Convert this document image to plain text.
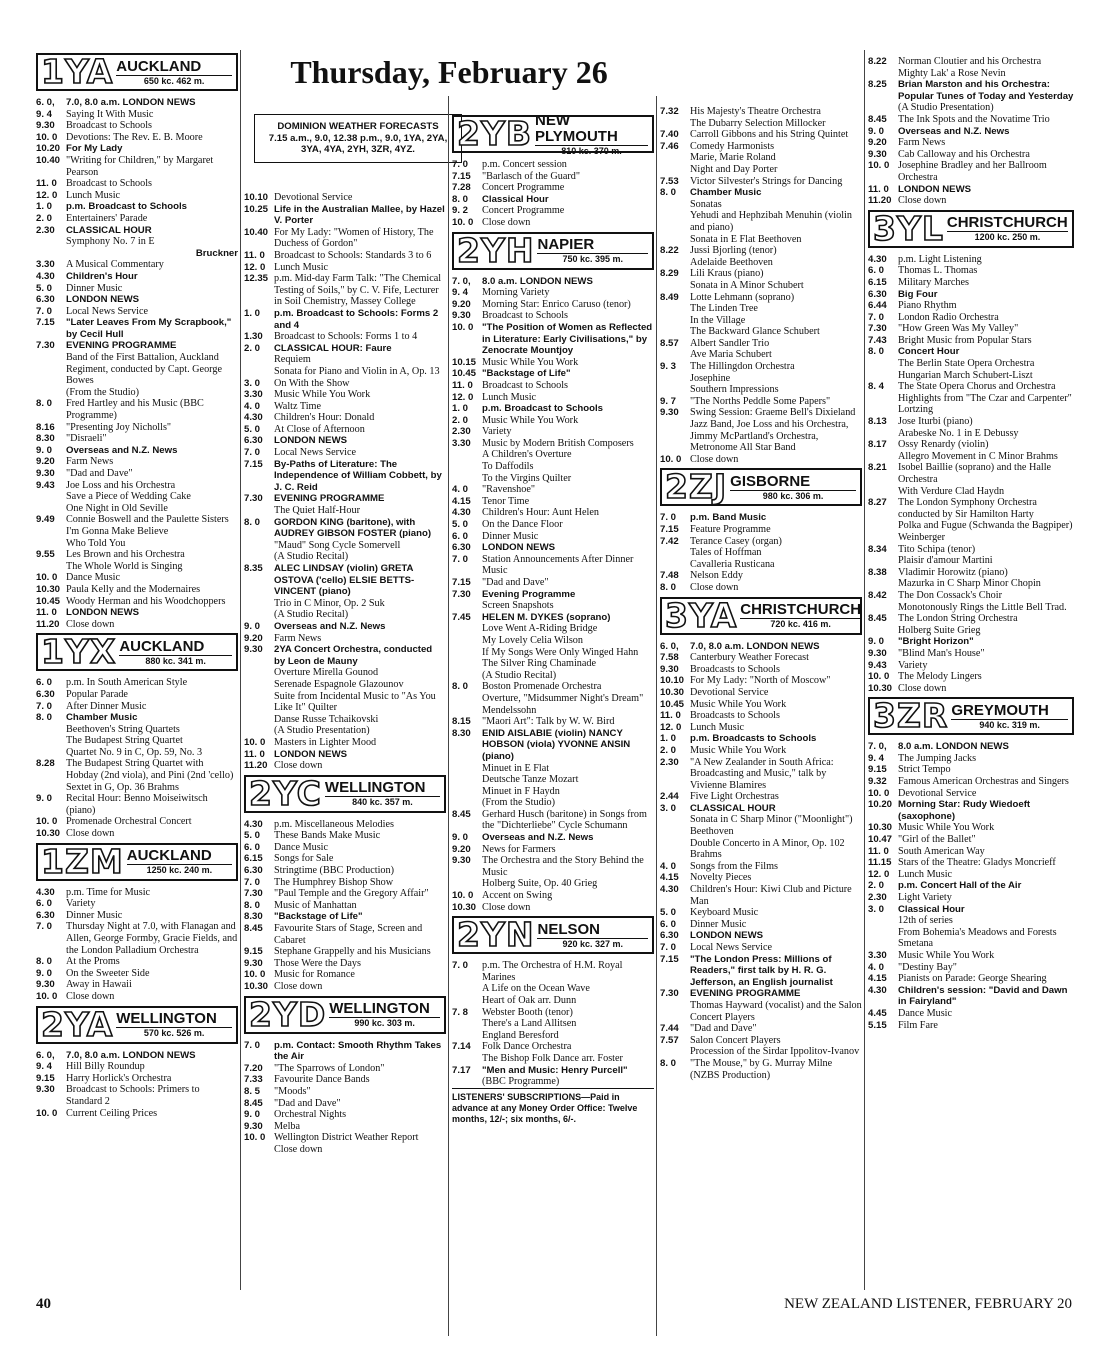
Thursday, February 26
DOMINION WEATHER FORECASTS
7.15 a.m., 9.0, 12.38 p.m., 9.0, 1YA, 2YA, 3YA, 4YA, 2YH, 3ZR, 4YZ.
1YA AUCKLAND
650 kc. 462 m.
6. 0,	7.0, 8.0 a.m. LONDON NEWS
9. 4	Saying It With Music
9.30	Broadcast to Schools
10. 0 Devotions: The Rev. E. B. Moore
10.20 For My Lady
10.40 "Writing for Children," by Margaret Pearson
11. 0 Broadcast to Schools
12. 0 Lunch Music
1. 0	p.m. Broadcast to Schools
2. 0	Entertainers' Parade
2.30	CLASSICAL HOUR
Symphony No. 7 in E
Bruckner
3.30	A Musical Commentary
4.30	Children's Hour
5. 0	Dinner Music
6.30	LONDON NEWS
7. 0	Local News Service
7.15	"Later Leaves From My Scrapbook," by Cecil Hull
7.30	EVENING PROGRAMME
Band of the First Battalion, Auckland Regiment, conducted by Capt. George Bowes
(From the Studio)
8. 0	Fred Hartley and his Music (BBC Programme)
8.16	"Presenting Joy Nicholls"
8.30	"Disraeli"
9. 0	Overseas and N.Z. News
9.20	Farm News
9.30	"Dad and Dave"
9.43	Joe Loss and his Orchestra
Save a Piece of Wedding Cake
One Night in Old Seville
9.49	Connie Boswell and the Paulette Sisters
I'm Gonna Make Believe
Who Told You
9.55	Les Brown and his Orchestra
The Whole World is Singing
10. 0 Dance Music
10.30 Paula Kelly and the Modernaires
10.45 Woody Herman and his Woodchoppers
11. 0 LONDON NEWS
11.20 Close down
1YX AUCKLAND
880 kc. 341 m.
6. 0	p.m. In South American Style
6.30	Popular Parade
7. 0	After Dinner Music
8. 0	Chamber Music
Beethoven's String Quartets
The Budapest String Quartet
Quartet No. 9 in C, Op. 59, No. 3
8.28	The Budapest String Quartet with Hobday (2nd viola), and Pini (2nd 'cello)
Sextet in G, Op. 36 Brahms
9. 0	Recital Hour: Benno Moiseiwitsch (piano)
10. 0 Promenade Orchestral Concert
10.30 Close down
1ZM AUCKLAND
1250 kc. 240 m.
4.30	p.m. Time for Music
6. 0	Variety
6.30	Dinner Music
7. 0	Thursday Night at 7.0, with Flanagan and Allen, George Formby, Gracie Fields, and the London Palladium Orchestra
8. 0	At the Proms
9. 0	On the Sweeter Side
9.30	Away in Hawaii
10. 0 Close down
2YA WELLINGTON
570 kc. 526 m.
6. 0,	7.0, 8.0 a.m. LONDON NEWS
9. 4	Hill Billy Roundup
9.15	Harry Horlick's Orchestra
9.30	Broadcast to Schools: Primers to Standard 2
10. 0 Current Ceiling Prices
10.10 Devotional Service
10.25 Life in the Australian Mallee, by Hazel V. Porter
10.40 For My Lady: "Women of History, The Duchess of Gordon"
11. 0 Broadcast to Schools: Standards 3 to 6
12. 0 Lunch Music
12.35 p.m. Mid-day Farm Talk: "The Chemical Testing of Soils," by C. V. Fife, Lecturer in Soil Chemistry, Massey College
1. 0	p.m. Broadcast to Schools: Forms 2 and 4
1.30	Broadcast to Schools: Forms 1 to 4
2. 0	CLASSICAL HOUR: Faure
Requiem
Sonata for Piano and Violin in A, Op. 13
3. 0	On With the Show
3.30	Music While You Work
4. 0	Waltz Time
4.30	Children's Hour: Donald
5. 0	At Close of Afternoon
6.30	LONDON NEWS
7. 0	Local News Service
7.15	By-Paths of Literature: The Independence of William Cobbett, by J. C. Reid
7.30	EVENING PROGRAMME
The Quiet Half-Hour
8. 0	GORDON KING (baritone), with AUDREY GIBSON FOSTER (piano)
"Maud" Song Cycle Somervell
(A Studio Recital)
8.35	ALEC LINDSAY (violin) GRETA OSTOVA ('cello) ELSIE BETTS-VINCENT (piano)
Trio in C Minor, Op. 2 Suk
(A Studio Recital)
9. 0	Overseas and N.Z. News
9.20	Farm News
9.30	2YA Concert Orchestra, conducted by Leon de Mauny
Overture Mirella Gounod
Serenade Espagnole Glazounov
Suite from Incidental Music to "As You Like It" Quilter
Danse Russe Tchaikovski
(A Studio Presentation)
10. 0 Masters in Lighter Mood
11. 0 LONDON NEWS
11.20 Close down
2YC WELLINGTON
840 kc. 357 m.
4.30	p.m. Miscellaneous Melodies
5. 0	These Bands Make Music
6. 0	Dance Music
6.15	Songs for Sale
6.30	Stringtime (BBC Production)
7. 0	The Humphrey Bishop Show
7.30	"Paul Temple and the Gregory Affair"
8. 0	Music of Manhattan
8.30	"Backstage of Life"
8.45	Favourite Stars of Stage, Screen and Cabaret
9.15	Stephane Grappelly and his Musicians
9.30	Those Were the Days
10. 0 Music for Romance
10.30 Close down
2YD WELLINGTON
990 kc. 303 m.
7. 0	p.m. Contact: Smooth Rhythm Takes the Air
7.20	"The Sparrows of London"
7.33	Favourite Dance Bands
8. 5	"Moods"
8.45	"Dad and Dave"
9. 0	Orchestral Nights
9.30	Melba
10. 0 Wellington District Weather Report
Close down
2YB NEW PLYMOUTH
810 kc. 370 m.
7. 0	p.m. Concert session
7.15	"Barlasch of the Guard"
7.28	Concert Programme
8. 0	Classical Hour
9. 2	Concert Programme
10. 0 Close down
2YH NAPIER
750 kc. 395 m.
7. 0,	8.0 a.m. LONDON NEWS
9. 4	Morning Variety
9.20	Morning Star: Enrico Caruso (tenor)
9.30	Broadcast to Schools
10. 0 "The Position of Women as Reflected in Literature: Early Civilisations," by Zenocrate Mountjoy
10.15 Music While You Work
10.45 "Backstage of Life"
11. 0 Broadcast to Schools
12. 0 Lunch Music
1. 0	p.m. Broadcast to Schools
2. 0	Music While You Work
2.30	Variety
3.30	Music by Modern British Composers
A Children's Overture
To Daffodils
To the Virgins Quilter
4. 0	"Ravenshoe"
4.15	Tenor Time
4.30	Children's Hour: Aunt Helen
5. 0	On the Dance Floor
6. 0	Dinner Music
6.30	LONDON NEWS
7. 0	Station Announcements After Dinner Music
7.15	"Dad and Dave"
7.30	Evening Programme
Screen Snapshots
7.45	HELEN M. DYKES (soprano)
Love Went A-Riding Bridge
My Lovely Celia Wilson
If My Songs Were Only Winged Hahn
The Silver Ring Chaminade
(A Studio Recital)
8. 0	Boston Promenade Orchestra
Overture, "Midsummer Night's Dream" Mendelssohn
8.15	"Maori Art": Talk by W. W. Bird
8.30	ENID AISLABIE (violin) NANCY HOBSON (viola) YVONNE ANSIN (piano)
Minuet in E Flat
Deutsche Tanze Mozart
Minuet in F Haydn
(From the Studio)
8.45	Gerhard Husch (baritone) in Songs from the "Dichterliebe" Cycle Schumann
9. 0	Overseas and N.Z. News
9.20	News for Farmers
9.30	The Orchestra and the Story Behind the Music
Holberg Suite, Op. 40 Grieg
10. 0 Accent on Swing
10.30 Close down
2YN NELSON
920 kc. 327 m.
7. 0	p.m. The Orchestra of H.M. Royal Marines
A Life on the Ocean Wave
Heart of Oak arr. Dunn
7. 8	Webster Booth (tenor)
There's a Land Allitsen
England Beresford
7.14	Folk Dance Orchestra
The Bishop Folk Dance arr. Foster
7.17	"Men and Music: Henry Purcell"
(BBC Programme)
LISTENERS' SUBSCRIPTIONS—Paid in advance at any Money Order Office: Twelve months, 12/-; six months, 6/-.
7.32	His Majesty's Theatre Orchestra
The Dubarry Selection Millocker
7.40	Carroll Gibbons and his String Quintet
7.46	Comedy Harmonists
Marie, Marie Roland
Night and Day Porter
7.53	Victor Silvester's Strings for Dancing
8. 0	Chamber Music
Sonatas
Yehudi and Hephzibah Menuhin (violin and piano)
Sonata in E Flat Beethoven
8.22	Jussi Bjorling (tenor)
Adelaide Beethoven
8.29	Lili Kraus (piano)
Sonata in A Minor Schubert
8.49	Lotte Lehmann (soprano)
The Linden Tree
In the Village
The Backward Glance Schubert
8.57	Albert Sandler Trio
Ave Maria Schubert
9. 3	The Hillingdon Orchestra
Josephine
Southern Impressions
9. 7	"The Norths Peddle Some Papers"
9.30	Swing Session: Graeme Bell's Dixieland Jazz Band, Joe Loss and his Orchestra, Jimmy McPartland's Orchestra, Metronome All Star Band
10. 0 Close down
2ZJ GISBORNE
980 kc. 306 m.
7. 0	p.m. Band Music
7.15	Feature Programme
7.42	Terance Casey (organ)
Tales of Hoffman
Cavalleria Rusticana
7.48	Nelson Eddy
8. 0	Close down
3YA CHRISTCHURCH
720 kc. 416 m.
6. 0,	7.0, 8.0 a.m. LONDON NEWS
7.58	Canterbury Weather Forecast
9.30	Broadcasts to Schools
10.10 For My Lady: "North of Moscow"
10.30 Devotional Service
10.45 Music While You Work
11. 0 Broadcasts to Schools
12. 0 Lunch Music
1. 0	p.m. Broadcasts to Schools
2. 0	Music While You Work
2.30	"A New Zealander in South Africa: Broadcasting and Music," talk by Vivienne Blamires
2.44	Five Light Orchestras
3. 0	CLASSICAL HOUR
Sonata in C Sharp Minor ("Moonlight") Beethoven
Double Concerto in A Minor, Op. 102 Brahms
4. 0	Songs from the Films
4.15	Novelty Pieces
4.30	Children's Hour: Kiwi Club and Picture Man
5. 0	Keyboard Music
6. 0	Dinner Music
6.30	LONDON NEWS
7. 0	Local News Service
7.15	"The London Press: Millions of Readers," first talk by H. R. G. Jefferson, an English journalist
7.30	EVENING PROGRAMME
Thomas Hayward (vocalist) and the Salon Concert Players
7.44	"Dad and Dave"
7.57	Salon Concert Players
Procession of the Sirdar Ippolitov-Ivanov
8. 0	"The Mouse," by G. Murray Milne (NZBS Production)
8.22	Norman Cloutier and his Orchestra
Mighty Lak' a Rose Nevin
8.25	Brian Marston and his Orchestra: Popular Tunes of Today and Yesterday
(A Studio Presentation)
8.45	The Ink Spots and the Novatime Trio
9. 0	Overseas and N.Z. News
9.20	Farm News
9.30	Cab Calloway and his Orchestra
10. 0 Josephine Bradley and her Ballroom Orchestra
11. 0 LONDON NEWS
11.20 Close down
3YL CHRISTCHURCH
1200 kc. 250 m.
4.30	p.m. Light Listening
6. 0	Thomas L. Thomas
6.15	Military Marches
6.30	Big Four
6.44	Piano Rhythm
7. 0	London Radio Orchestra
7.30	"How Green Was My Valley"
7.43	Bright Music from Popular Stars
8. 0	Concert Hour
The Berlin State Opera Orchestra
Hungarian March Schubert-Liszt
8. 4	The State Opera Chorus and Orchestra
Highlights from "The Czar and Carpenter" Lortzing
8.13	Jose Iturbi (piano)
Arabeske No. 1 in E Debussy
8.17	Ossy Renardy (violin)
Allegro Movement in C Minor Brahms
8.21	Isobel Baillie (soprano) and the Halle Orchestra
With Verdure Clad Haydn
8.27	The London Symphony Orchestra conducted by Sir Hamilton Harty
Polka and Fugue (Schwanda the Bagpiper) Weinberger
8.34	Tito Schipa (tenor)
Plaisir d'amour Martini
8.38	Vladimir Horowitz (piano)
Mazurka in C Sharp Minor Chopin
8.42	The Don Cossack's Choir
Monotonously Rings the Little Bell Trad.
8.45	The London String Orchestra
Holberg Suite Grieg
9. 0	"Bright Horizon"
9.30	"Blind Man's House"
9.43	Variety
10. 0 The Melody Lingers
10.30 Close down
3ZR GREYMOUTH
940 kc. 319 m.
7. 0,	8.0 a.m. LONDON NEWS
9. 4	The Jumping Jacks
9.15	Strict Tempo
9.32	Famous American Orchestras and Singers
10. 0 Devotional Service
10.20 Morning Star: Rudy Wiedoeft (saxophone)
10.30 Music While You Work
10.47 "Girl of the Ballet"
11. 0 South American Way
11.15 Stars of the Theatre: Gladys Moncrieff
12. 0 Lunch Music
2. 0	p.m. Concert Hall of the Air
2.30	Light Variety
3. 0	Classical Hour
12th of series
From Bohemia's Meadows and Forests Smetana
3.30	Music While You Work
4. 0	"Destiny Bay"
4.15	Pianists on Parade: George Shearing
4.30	Children's session: "David and Dawn in Fairyland"
4.45	Dance Music
5.15	Film Fare
40	NEW ZEALAND LISTENER, FEBRUARY 20
